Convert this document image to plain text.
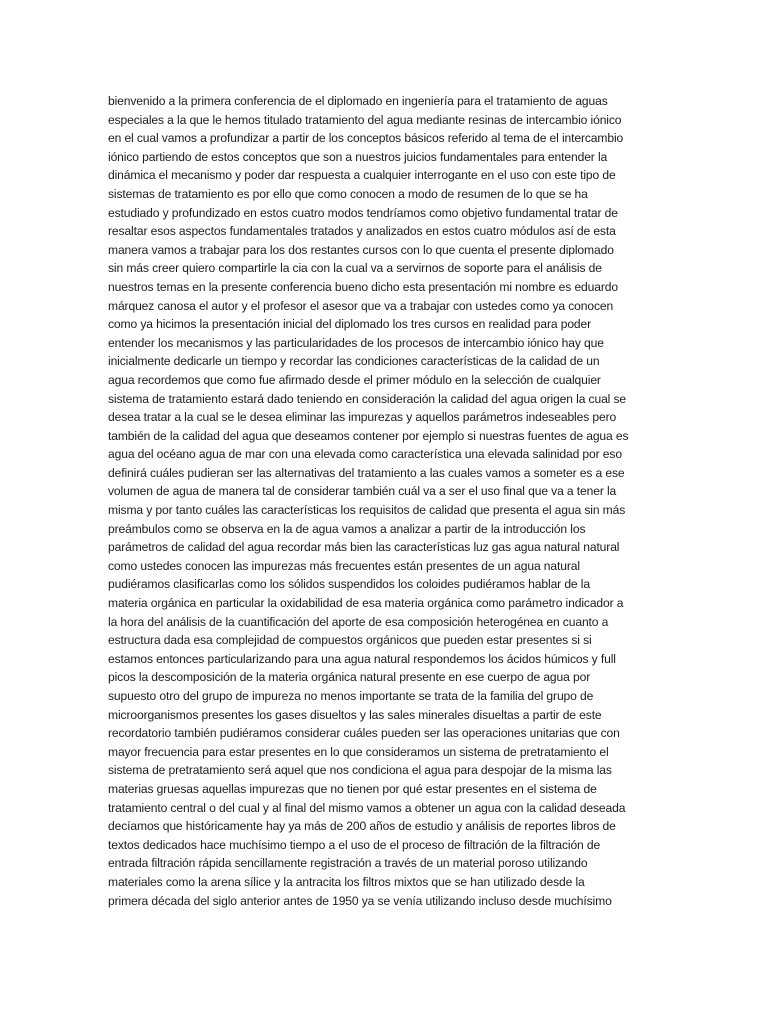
bienvenido a la primera conferencia de el diplomado en ingeniería para el tratamiento de aguas
especiales a la que le hemos titulado tratamiento del agua mediante resinas de intercambio iónico
en el cual vamos a profundizar a partir de los conceptos básicos referido al tema de el intercambio
iónico partiendo de estos conceptos que son a nuestros juicios fundamentales para entender la
dinámica el mecanismo y poder dar respuesta a cualquier interrogante en el uso con este tipo de
sistemas de tratamiento es por ello que como conocen a modo de resumen de lo que se ha
estudiado y profundizado en estos cuatro modos tendríamos como objetivo fundamental tratar de
resaltar esos aspectos fundamentales tratados y analizados en estos cuatro módulos así de esta
manera vamos a trabajar para los dos restantes cursos con lo que cuenta el presente diplomado
sin más creer quiero compartirle la cia con la cual va a servirnos de soporte para el análisis de
nuestros temas en la presente conferencia bueno dicho esta presentación mi nombre es eduardo
márquez canosa el autor y el profesor el asesor que va a trabajar con ustedes como ya conocen
como ya hicimos la presentación inicial del diplomado los tres cursos en realidad para poder
entender los mecanismos y las particularidades de los procesos de intercambio iónico hay que
inicialmente dedicarle un tiempo y recordar las condiciones características de la calidad de un
agua recordemos que como fue afirmado desde el primer módulo en la selección de cualquier
sistema de tratamiento estará dado teniendo en consideración la calidad del agua origen la cual se
desea tratar a la cual se le desea eliminar las impurezas y aquellos parámetros indeseables pero
también de la calidad del agua que deseamos contener por ejemplo si nuestras fuentes de agua es
agua del océano agua de mar con una elevada como característica una elevada salinidad por eso
definirá cuáles pudieran ser las alternativas del tratamiento a las cuales vamos a someter es a ese
volumen de agua de manera tal de considerar también cuál va a ser el uso final que va a tener la
misma y por tanto cuáles las características los requisitos de calidad que presenta el agua sin más
preámbulos como se observa en la de agua vamos a analizar a partir de la introducción los
parámetros de calidad del agua recordar más bien las características luz gas agua natural natural
como ustedes conocen las impurezas más frecuentes están presentes de un agua natural
pudiéramos clasificarlas como los sólidos suspendidos los coloides pudiéramos hablar de la
materia orgánica en particular la oxidabilidad de esa materia orgánica como parámetro indicador a
la hora del análisis de la cuantificación del aporte de esa composición heterogénea en cuanto a
estructura dada esa complejidad de compuestos orgánicos que pueden estar presentes si si
estamos entonces particularizando para una agua natural respondemos los ácidos húmicos y full
picos la descomposición de la materia orgánica natural presente en ese cuerpo de agua por
supuesto otro del grupo de impureza no menos importante se trata de la familia del grupo de
microorganismos presentes los gases disueltos y las sales minerales disueltas a partir de este
recordatorio también pudiéramos considerar cuáles pueden ser las operaciones unitarias que con
mayor frecuencia para estar presentes en lo que consideramos un sistema de pretratamiento el
sistema de pretratamiento será aquel que nos condiciona el agua para despojar de la misma las
materias gruesas aquellas impurezas que no tienen por qué estar presentes en el sistema de
tratamiento central o del cual y al final del mismo vamos a obtener un agua con la calidad deseada
decíamos que históricamente hay ya más de 200 años de estudio y análisis de reportes libros de
textos dedicados hace muchísimo tiempo a el uso de el proceso de filtración de la filtración de
entrada filtración rápida sencillamente registración a través de un material poroso utilizando
materiales como la arena sílice y la antracita los filtros mixtos que se han utilizado desde la
primera década del siglo anterior antes de 1950 ya se venía utilizando incluso desde muchísimo
